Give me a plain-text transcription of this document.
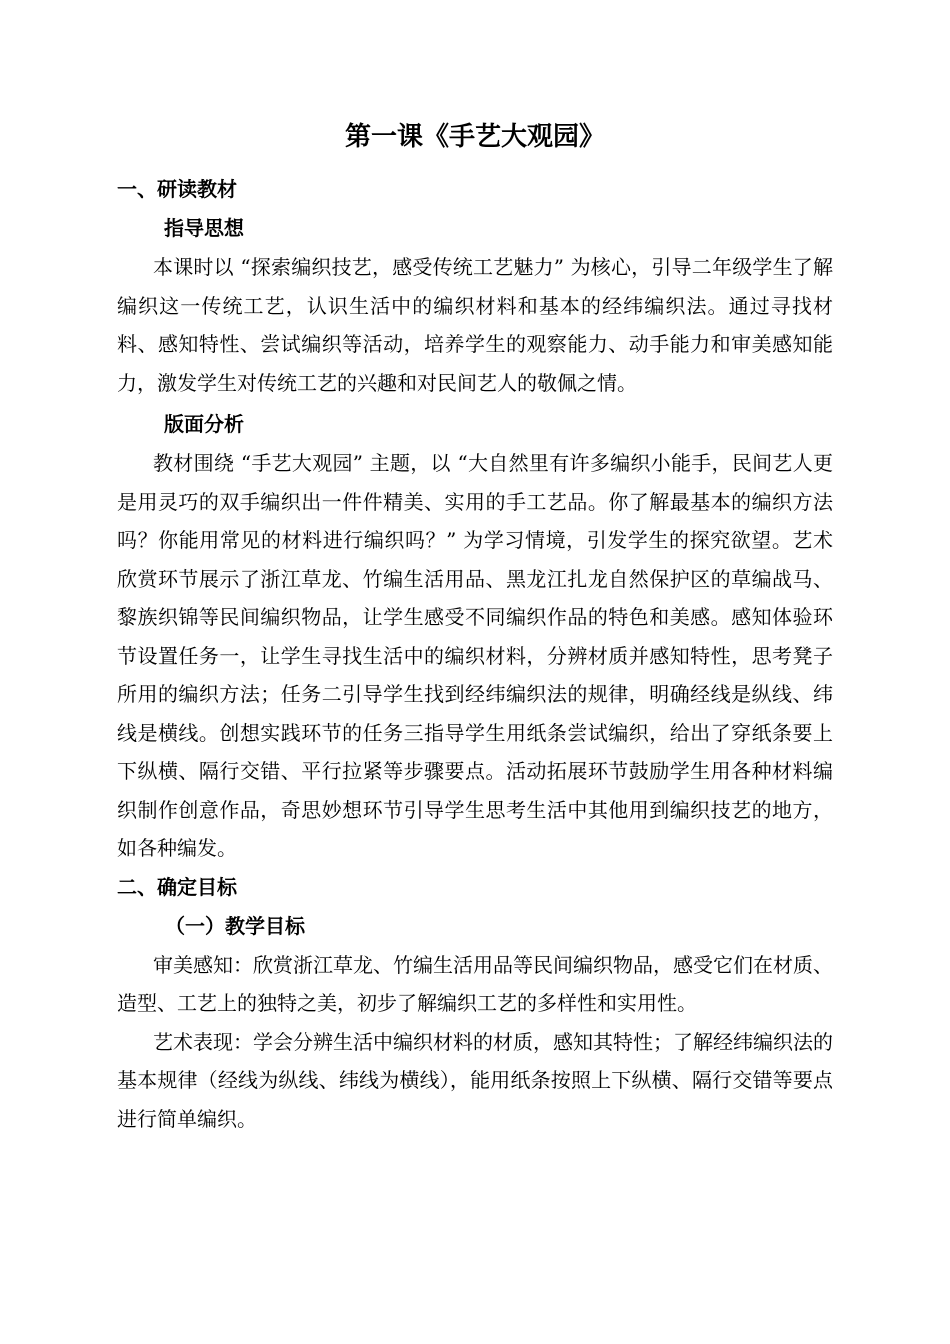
第一课《手艺大观园》
一、研读教材
指导思想

本课时以 “探索编织技艺，感受传统工艺魅力” 为核心，引导二年级学生了解编织这一传统工艺，认识生活中的编织材料和基本的经纬编织法。通过寻找材料、感知特性、尝试编织等活动，培养学生的观察能力、动手能力和审美感知能力，激发学生对传统工艺的兴趣和对民间艺人的敬佩之情。

版面分析

教材围绕 “手艺大观园” 主题，以 “大自然里有许多编织小能手，民间艺人更是用灵巧的双手编织出一件件精美、实用的手工艺品。你了解最基本的编织方法吗？你能用常见的材料进行编织吗？” 为学习情境，引发学生的探究欲望。艺术欣赏环节展示了浙江草龙、竹编生活用品、黑龙江扎龙自然保护区的草编战马、黎族织锦等民间编织物品，让学生感受不同编织作品的特色和美感。感知体验环节设置任务一，让学生寻找生活中的编织材料，分辨材质并感知特性，思考凳子所用的编织方法；任务二引导学生找到经纬编织法的规律，明确经线是纵线、纬线是横线。创想实践环节的任务三指导学生用纸条尝试编织，给出了穿纸条要上下纵横、隔行交错、平行拉紧等步骤要点。活动拓展环节鼓励学生用各种材料编织制作创意作品，奇思妙想环节引导学生思考生活中其他用到编织技艺的地方，如各种编发。

二、确定目标
（一）教学目标

审美感知：欣赏浙江草龙、竹编生活用品等民间编织物品，感受它们在材质、造型、工艺上的独特之美，初步了解编织工艺的多样性和实用性。

艺术表现：学会分辨生活中编织材料的材质，感知其特性；了解经纬编织法的基本规律（经线为纵线、纬线为横线），能用纸条按照上下纵横、隔行交错等要点进行简单编织。
